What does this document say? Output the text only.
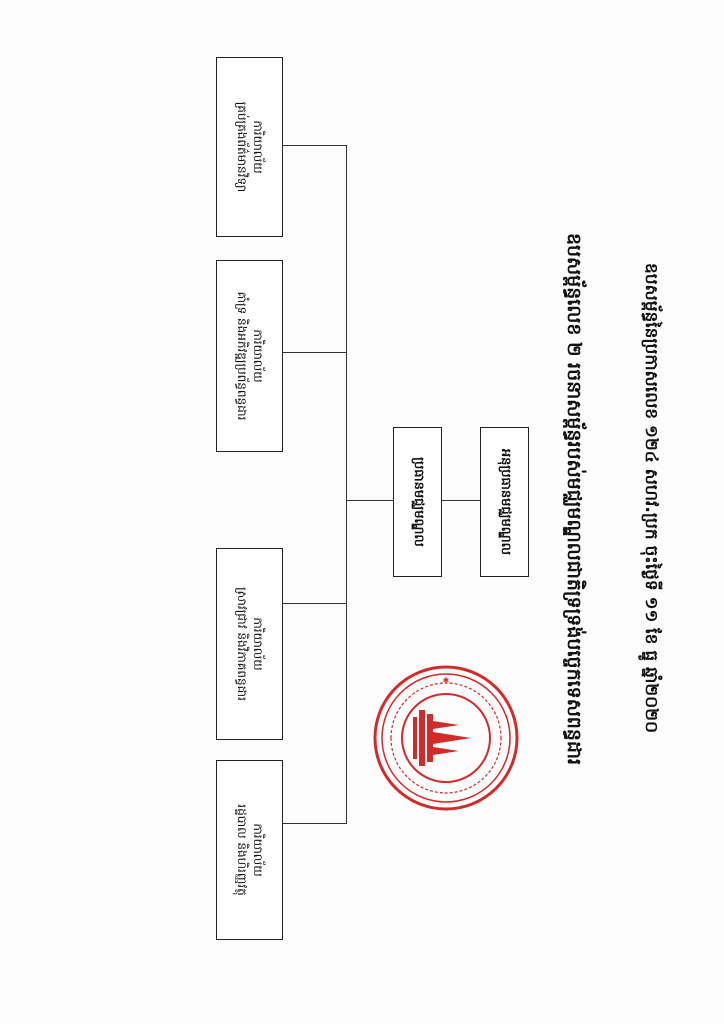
ការិយាល័យ
គ្រប់គ្រងព័ត៌មានវិទ្យា
ការិយាល័យ
គាំទ្រ និងអភិវឌ្ឍប្រព័ន្ធពន្ធដារ
ការិយាល័យ
ស្រាវជ្រាវ និងវិភាគពន្ធដារ
ការិយាល័យ
រដ្ឋបាល និងហិរញ្ញវត្ថុ
ប្រធានមជ្ឈមណ្ឌល	អនុប្រធានមជ្ឈមណ្ឌល	ឧបសម្ព័ន្ធលេខ ២ រចនាសម្ព័ន្ធរបស់មជ្ឈមណ្ឌលជាតិទ្រទ្រង់បច្ចេកទេសពន្ធដារ	ឧបសម្ព័ន្ធនៃប្រកាសលេខ ១២៤ សហវ.ប្រក ចុះថ្ងៃទី ១១ ខែ ធ្នូ ឆ្នាំ២០២០
✱
